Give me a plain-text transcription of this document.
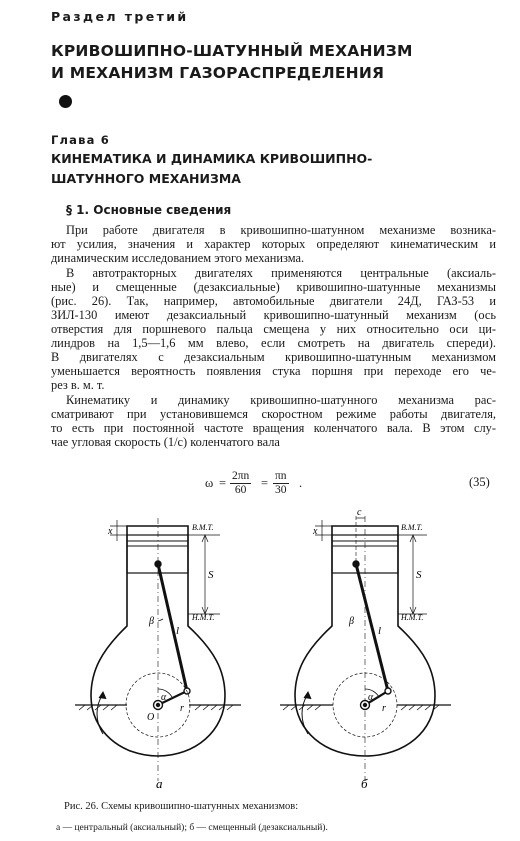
Раздел третий
КРИВОШИПНО-ШАТУННЫЙ МЕХАНИЗМ
И МЕХАНИЗМ ГАЗОРАСПРЕДЕЛЕНИЯ
Глава 6
КИНЕМАТИКА И ДИНАМИКА КРИВОШИПНО-
ШАТУННОГО МЕХАНИЗМА
§ 1. Основные сведения
При работе двигателя в кривошипно-шатунном механизме возника-
ют усилия, значения и характер которых определяют кинематическим и
динамическим исследованием этого механизма.
В автотракторных двигателях применяются центральные (аксиаль-
ные) и смещенные (дезаксиальные) кривошипно-шатунные механизмы
(рис. 26). Так, например, автомобильные двигатели 24Д, ГАЗ-53 и
ЗИЛ-130 имеют дезаксиальный кривошипно-шатунный механизм (ось
отверстия для поршневого пальца смещена у них относительно оси ци-
линдров на 1,5—1,6 мм влево, если смотреть на двигатель спереди).
В двигателях с дезаксиальным кривошипно-шатунным механизмом
уменьшается вероятность появления стука поршня при переходе его че-
рез в. м. т.
Кинематику и динамику кривошипно-шатунного механизма рас-
сматривают при установившемся скоростном режиме работы двигателя,
то есть при постоянной частоте вращения коленчатого вала. В этом слу-
чае угловая скорость (1/с) коленчатого вала
$\omega = \frac{2\pi n}{60} = \frac{\pi n}{30}$ .	(35)
В.М.Т.
Н.М.Т.
S
x
l
β
α
r
O
В.М.Т.
Н.М.Т.
S
x
c
l
β
α
r
а	б
Рис. 26. Схемы кривошипно-шатунных механизмов:
а — центральный (аксиальный); б — смещенный (дезаксиальный).
